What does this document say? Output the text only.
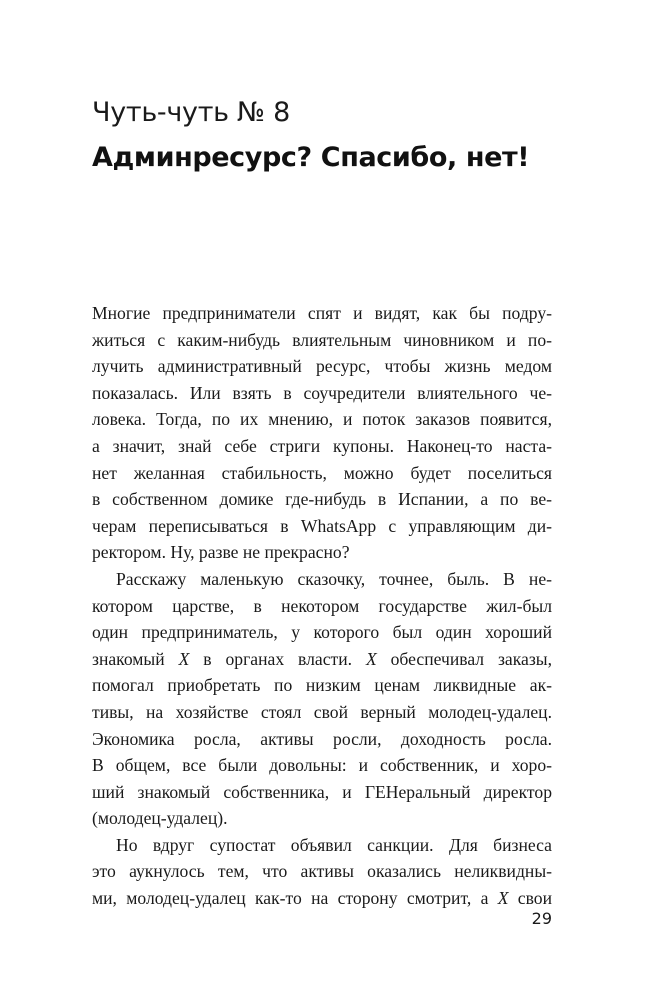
Чуть-чуть № 8
Админресурс? Спасибо, нет!

Многие предприниматели спят и видят, как бы подру-
житься с каким-нибудь влиятельным чиновником и по-
лучить административный ресурс, чтобы жизнь медом
показалась. Или взять в соучредители влиятельного че-
ловека. Тогда, по их мнению, и поток заказов появится,
а значит, знай себе стриги купоны. Наконец-то наста-
нет желанная стабильность, можно будет поселиться
в собственном домике где-нибудь в Испании, а по ве-
черам переписываться в WhatsApp с управляющим ди-
ректором. Ну, разве не прекрасно?

Расскажу маленькую сказочку, точнее, быль. В не-
котором царстве, в некотором государстве жил-был
один предприниматель, у которого был один хороший
знакомый X в органах власти. X обеспечивал заказы,
помогал приобретать по низким ценам ликвидные ак-
тивы, на хозяйстве стоял свой верный молодец-удалец.
Экономика росла, активы росли, доходность росла.
В общем, все были довольны: и собственник, и хоро-
ший знакомый собственника, и ГЕНеральный директор
(молодец-удалец).

Но вдруг супостат объявил санкции. Для бизнеса
это аукнулось тем, что активы оказались неликвидны-
ми, молодец-удалец как-то на сторону смотрит, а X свои

29
